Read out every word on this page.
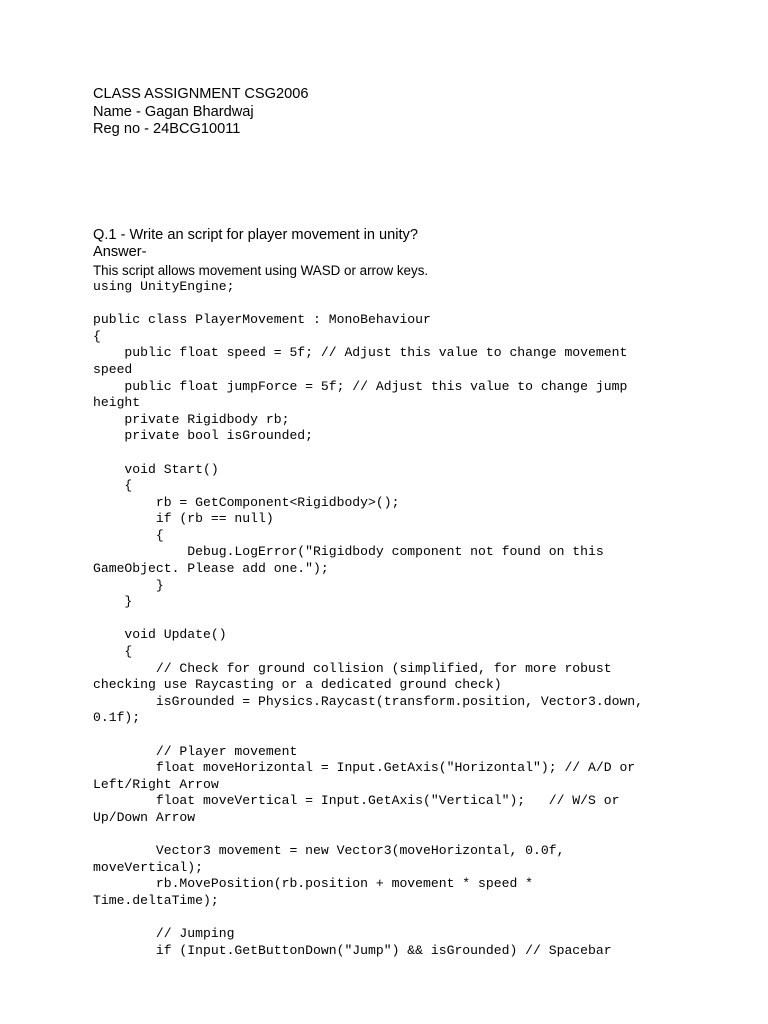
CLASS ASSIGNMENT CSG2006

Name - Gagan Bhardwaj

Reg no - 24BCG10011

Q.1 - Write an script for player movement in unity?

Answer-

This script allows movement using WASD or arrow keys.

using UnityEngine;

public class PlayerMovement : MonoBehaviour

{

public float speed = 5f; // Adjust this value to change movement

speed

public float jumpForce = 5f; // Adjust this value to change jump

height

private Rigidbody rb;

private bool isGrounded;

void Start()

{

rb = GetComponent<Rigidbody>();

if (rb == null)

{

Debug.LogError("Rigidbody component not found on this

GameObject. Please add one.");

}

}

void Update()

{

// Check for ground collision (simplified, for more robust

checking use Raycasting or a dedicated ground check)

isGrounded = Physics.Raycast(transform.position, Vector3.down,

0.1f);

// Player movement

float moveHorizontal = Input.GetAxis("Horizontal"); // A/D or

Left/Right Arrow

float moveVertical = Input.GetAxis("Vertical");   // W/S or

Up/Down Arrow

Vector3 movement = new Vector3(moveHorizontal, 0.0f,

moveVertical);

rb.MovePosition(rb.position + movement * speed *

Time.deltaTime);

// Jumping

if (Input.GetButtonDown("Jump") && isGrounded) // Spacebar
